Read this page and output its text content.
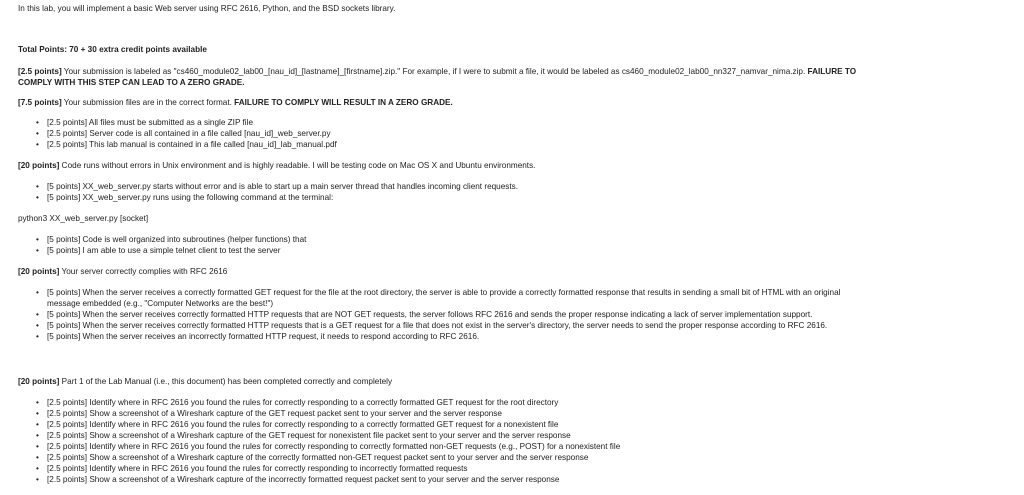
In this lab, you will implement a basic Web server using RFC 2616, Python, and the BSD sockets library.
Total Points: 70 + 30 extra credit points available
[2.5 points] Your submission is labeled as "cs460_module02_lab00_[nau_id]_[lastname]_[firstname].zip." For example, if I were to submit a file, it would be labeled as cs460_module02_lab00_nn327_namvar_nima.zip. FAILURE TO
COMPLY WITH THIS STEP CAN LEAD TO A ZERO GRADE.
[7.5 points] Your submission files are in the correct format. FAILURE TO COMPLY WILL RESULT IN A ZERO GRADE.
• [2.5 points] All files must be submitted as a single ZIP file
• [2.5 points] Server code is all contained in a file called [nau_id]_web_server.py
• [2.5 points] This lab manual is contained in a file called [nau_id]_lab_manual.pdf
[20 points] Code runs without errors in Unix environment and is highly readable. I will be testing code on Mac OS X and Ubuntu environments.
• [5 points] XX_web_server.py starts without error and is able to start up a main server thread that handles incoming client requests.
• [5 points] XX_web_server.py runs using the following command at the terminal:
python3 XX_web_server.py [socket]
• [5 points] Code is well organized into subroutines (helper functions) that
• [5 points] I am able to use a simple telnet client to test the server
[20 points] Your server correctly complies with RFC 2616
• [5 points] When the server receives a correctly formatted GET request for the file at the root directory, the server is able to provide a correctly formatted response that results in sending a small bit of HTML with an original
message embedded (e.g., "Computer Networks are the best!")
• [5 points] When the server receives correctly formatted HTTP requests that are NOT GET requests, the server follows RFC 2616 and sends the proper response indicating a lack of server implementation support.
• [5 points] When the server receives correctly formatted HTTP requests that is a GET request for a file that does not exist in the server's directory, the server needs to send the proper response according to RFC 2616.
• [5 points] When the server receives an incorrectly formatted HTTP request, it needs to respond according to RFC 2616.
[20 points] Part 1 of the Lab Manual (i.e., this document) has been completed correctly and completely
• [2.5 points] Identify where in RFC 2616 you found the rules for correctly responding to a correctly formatted GET request for the root directory
• [2.5 points] Show a screenshot of a Wireshark capture of the GET request packet sent to your server and the server response
• [2.5 points] Identify where in RFC 2616 you found the rules for correctly responding to a correctly formatted GET request for a nonexistent file
• [2.5 points] Show a screenshot of a Wireshark capture of the GET request for nonexistent file packet sent to your server and the server response
• [2.5 points] Identify where in RFC 2616 you found the rules for correctly responding to correctly formatted non-GET requests (e.g., POST) for a nonexistent file
• [2.5 points] Show a screenshot of a Wireshark capture of the correctly formatted non-GET request packet sent to your server and the server response
• [2.5 points] Identify where in RFC 2616 you found the rules for correctly responding to incorrectly formatted requests
• [2.5 points] Show a screenshot of a Wireshark capture of the incorrectly formatted request packet sent to your server and the server response
